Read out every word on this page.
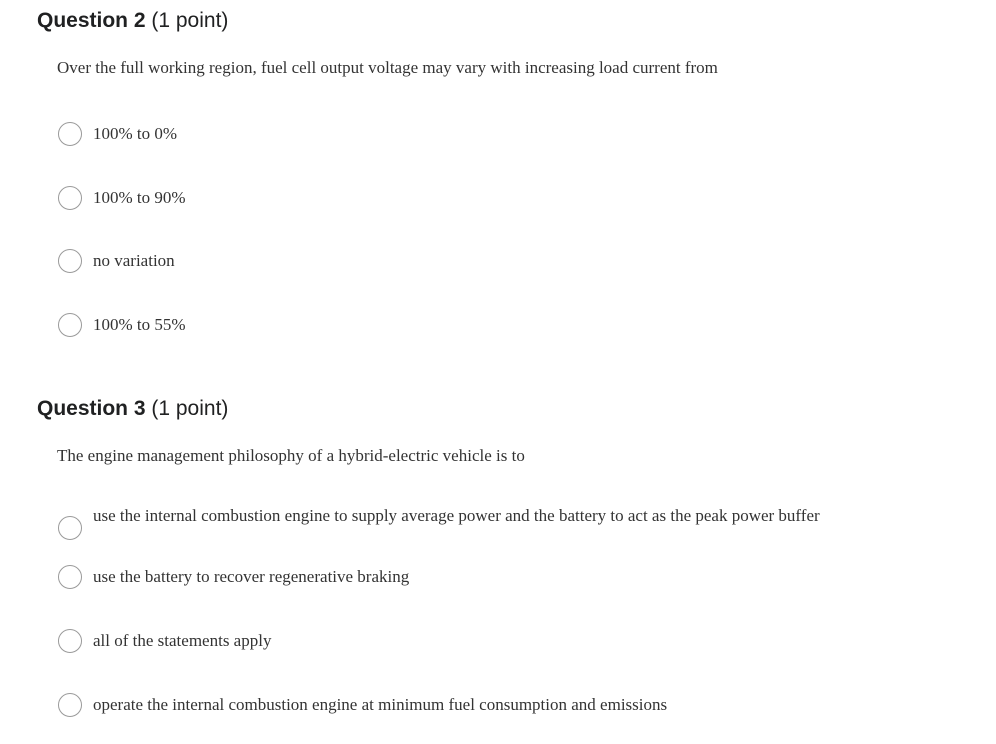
Question 2 (1 point)
Over the full working region, fuel cell output voltage may vary with increasing load current from
100% to 0%
100% to 90%
no variation
100% to 55%
Question 3 (1 point)
The engine management philosophy of a hybrid-electric vehicle is to
use the internal combustion engine to supply average power and the battery to act as the peak power buffer
use the battery to recover regenerative braking
all of the statements apply
operate the internal combustion engine at minimum fuel consumption and emissions
